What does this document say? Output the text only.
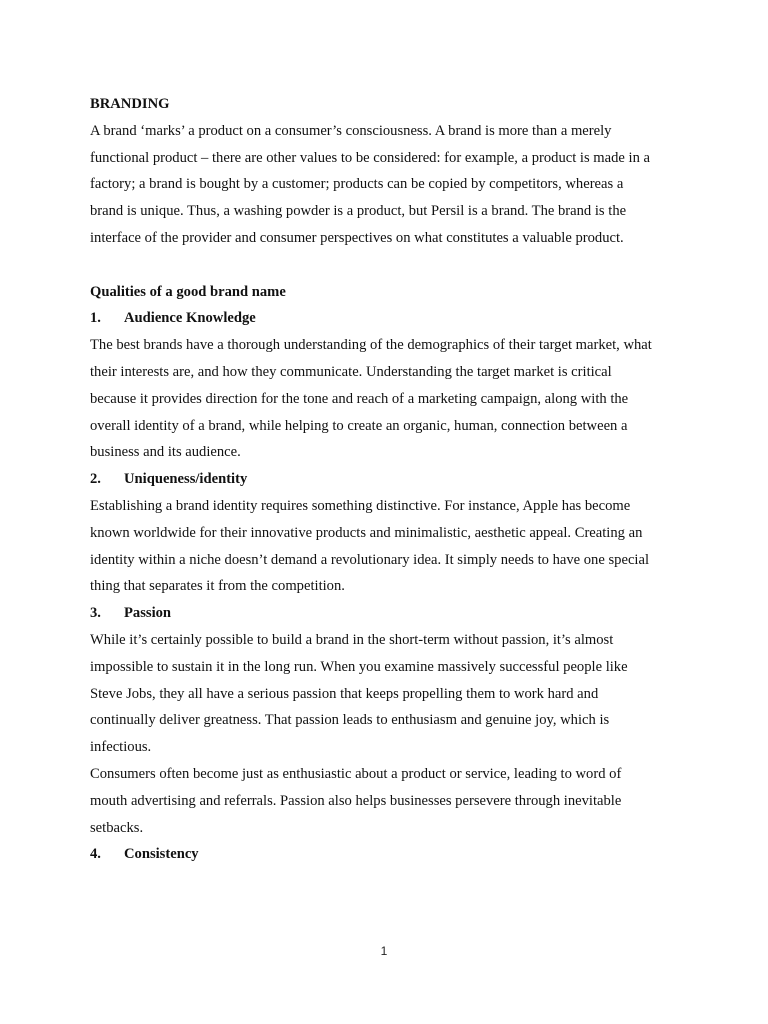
BRANDING

A brand ‘marks’ a product on a consumer’s consciousness. A brand is more than a merely

functional product – there are other values to be considered: for example, a product is made in a

factory; a brand is bought by a customer; products can be copied by competitors, whereas a

brand is unique. Thus, a washing powder is a product, but Persil is a brand. The brand is the

interface of the provider and consumer perspectives on what constitutes a valuable product.

Qualities of a good brand name

1. Audience Knowledge

The best brands have a thorough understanding of the demographics of their target market, what

their interests are, and how they communicate. Understanding the target market is critical

because it provides direction for the tone and reach of a marketing campaign, along with the

overall identity of a brand, while helping to create an organic, human, connection between a

business and its audience.

2. Uniqueness/identity

Establishing a brand identity requires something distinctive. For instance, Apple has become

known worldwide for their innovative products and minimalistic, aesthetic appeal. Creating an

identity within a niche doesn’t demand a revolutionary idea. It simply needs to have one special

thing that separates it from the competition.

3. Passion

While it’s certainly possible to build a brand in the short-term without passion, it’s almost

impossible to sustain it in the long run. When you examine massively successful people like

Steve Jobs, they all have a serious passion that keeps propelling them to work hard and

continually deliver greatness. That passion leads to enthusiasm and genuine joy, which is

infectious.

Consumers often become just as enthusiastic about a product or service, leading to word of

mouth advertising and referrals. Passion also helps businesses persevere through inevitable

setbacks.

4. Consistency

1
